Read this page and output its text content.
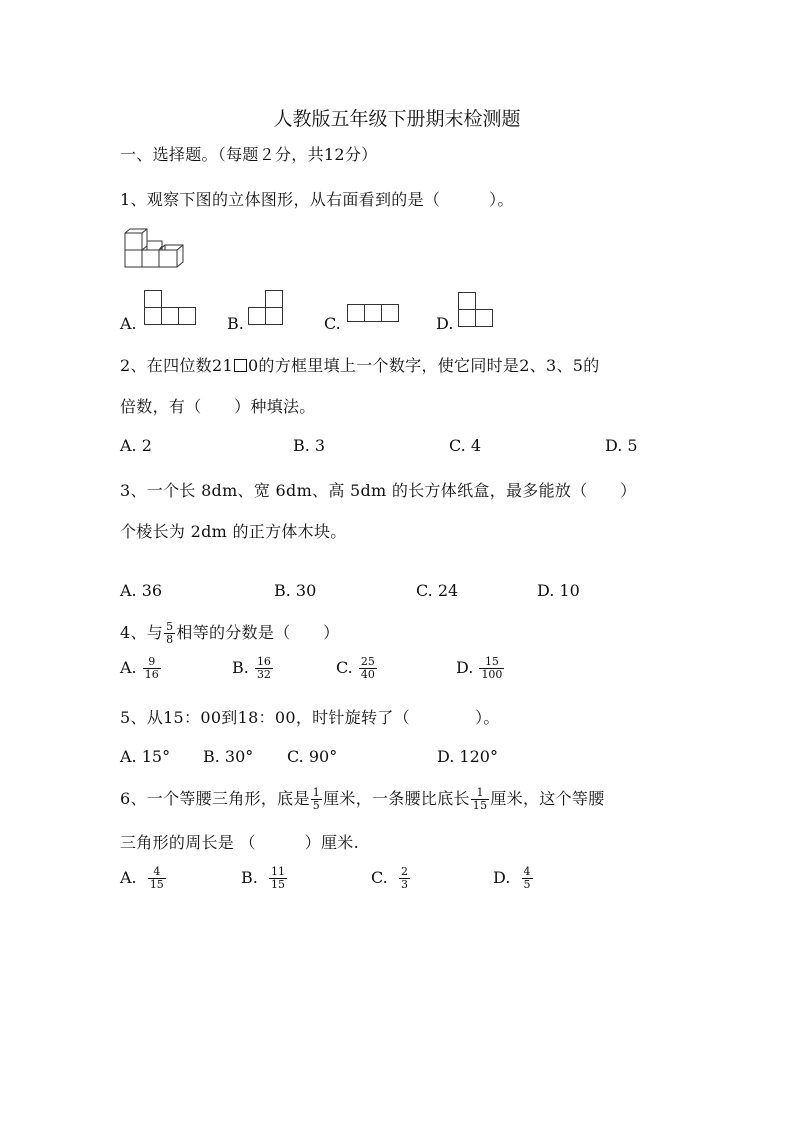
人教版五年级下册期末检测题
一、选择题。（每题２分，共12分）
1、观察下图的立体图形，从右面看到的是（　　　）。
A.	B.	C.	D.
2、在四位数21 0的方框里填上一个数字，使它同时是2、3、5的
倍数，有（　　）种填法。
A. 2	B. 3	C. 4	D. 5
3、一个长 8dm、宽 6dm、高 5dm 的长方体纸盒，最多能放（　　）
个棱长为 2dm 的正方体木块。
A. 36	B. 30	C. 24	D. 10
4、与 $\frac{5}{8}$ 相等的分数是（　　）
A. $\frac{9}{16}$	B. $\frac{16}{32}$	C. $\frac{25}{40}$	D. $\frac{15}{100}$
5、从15：00到18：00，时针旋转了（　　　　）。
A. 15° B. 30° C. 90°	D. 120°
6、一个等腰三角形，底是 $\frac{1}{5}$ 厘米，一条腰比底长 $\frac{1}{15}$ 厘米，这个等腰
三角形的周长是 （　　　）厘米.
A. $\frac{4}{15}$	B. $\frac{11}{15}$	C. $\frac{2}{3}$	D. $\frac{4}{5}$
